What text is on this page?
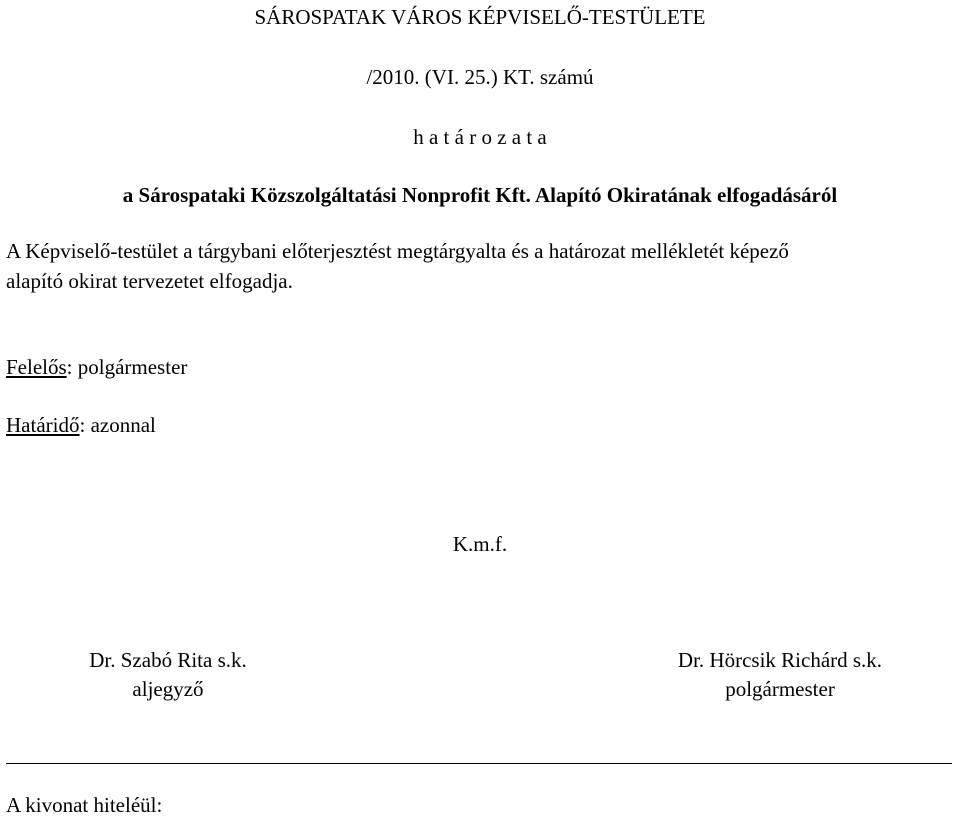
SÁROSPATAK VÁROS KÉPVISELŐ-TESTÜLETE
/2010. (VI. 25.) KT. számú
h a t á r o z a t a
a Sárospataki Közszolgáltatási Nonprofit Kft. Alapító Okiratának elfogadásáról
A Képviselő-testület a tárgybani előterjesztést megtárgyalta és a határozat mellékletét képező
alapító okirat tervezetet elfogadja.
Felelős: polgármester
Határidő: azonnal
K.m.f.
Dr. Szabó Rita s.k.
aljegyző
Dr. Hörcsik Richárd s.k.
polgármester
A kivonat hiteléül:
